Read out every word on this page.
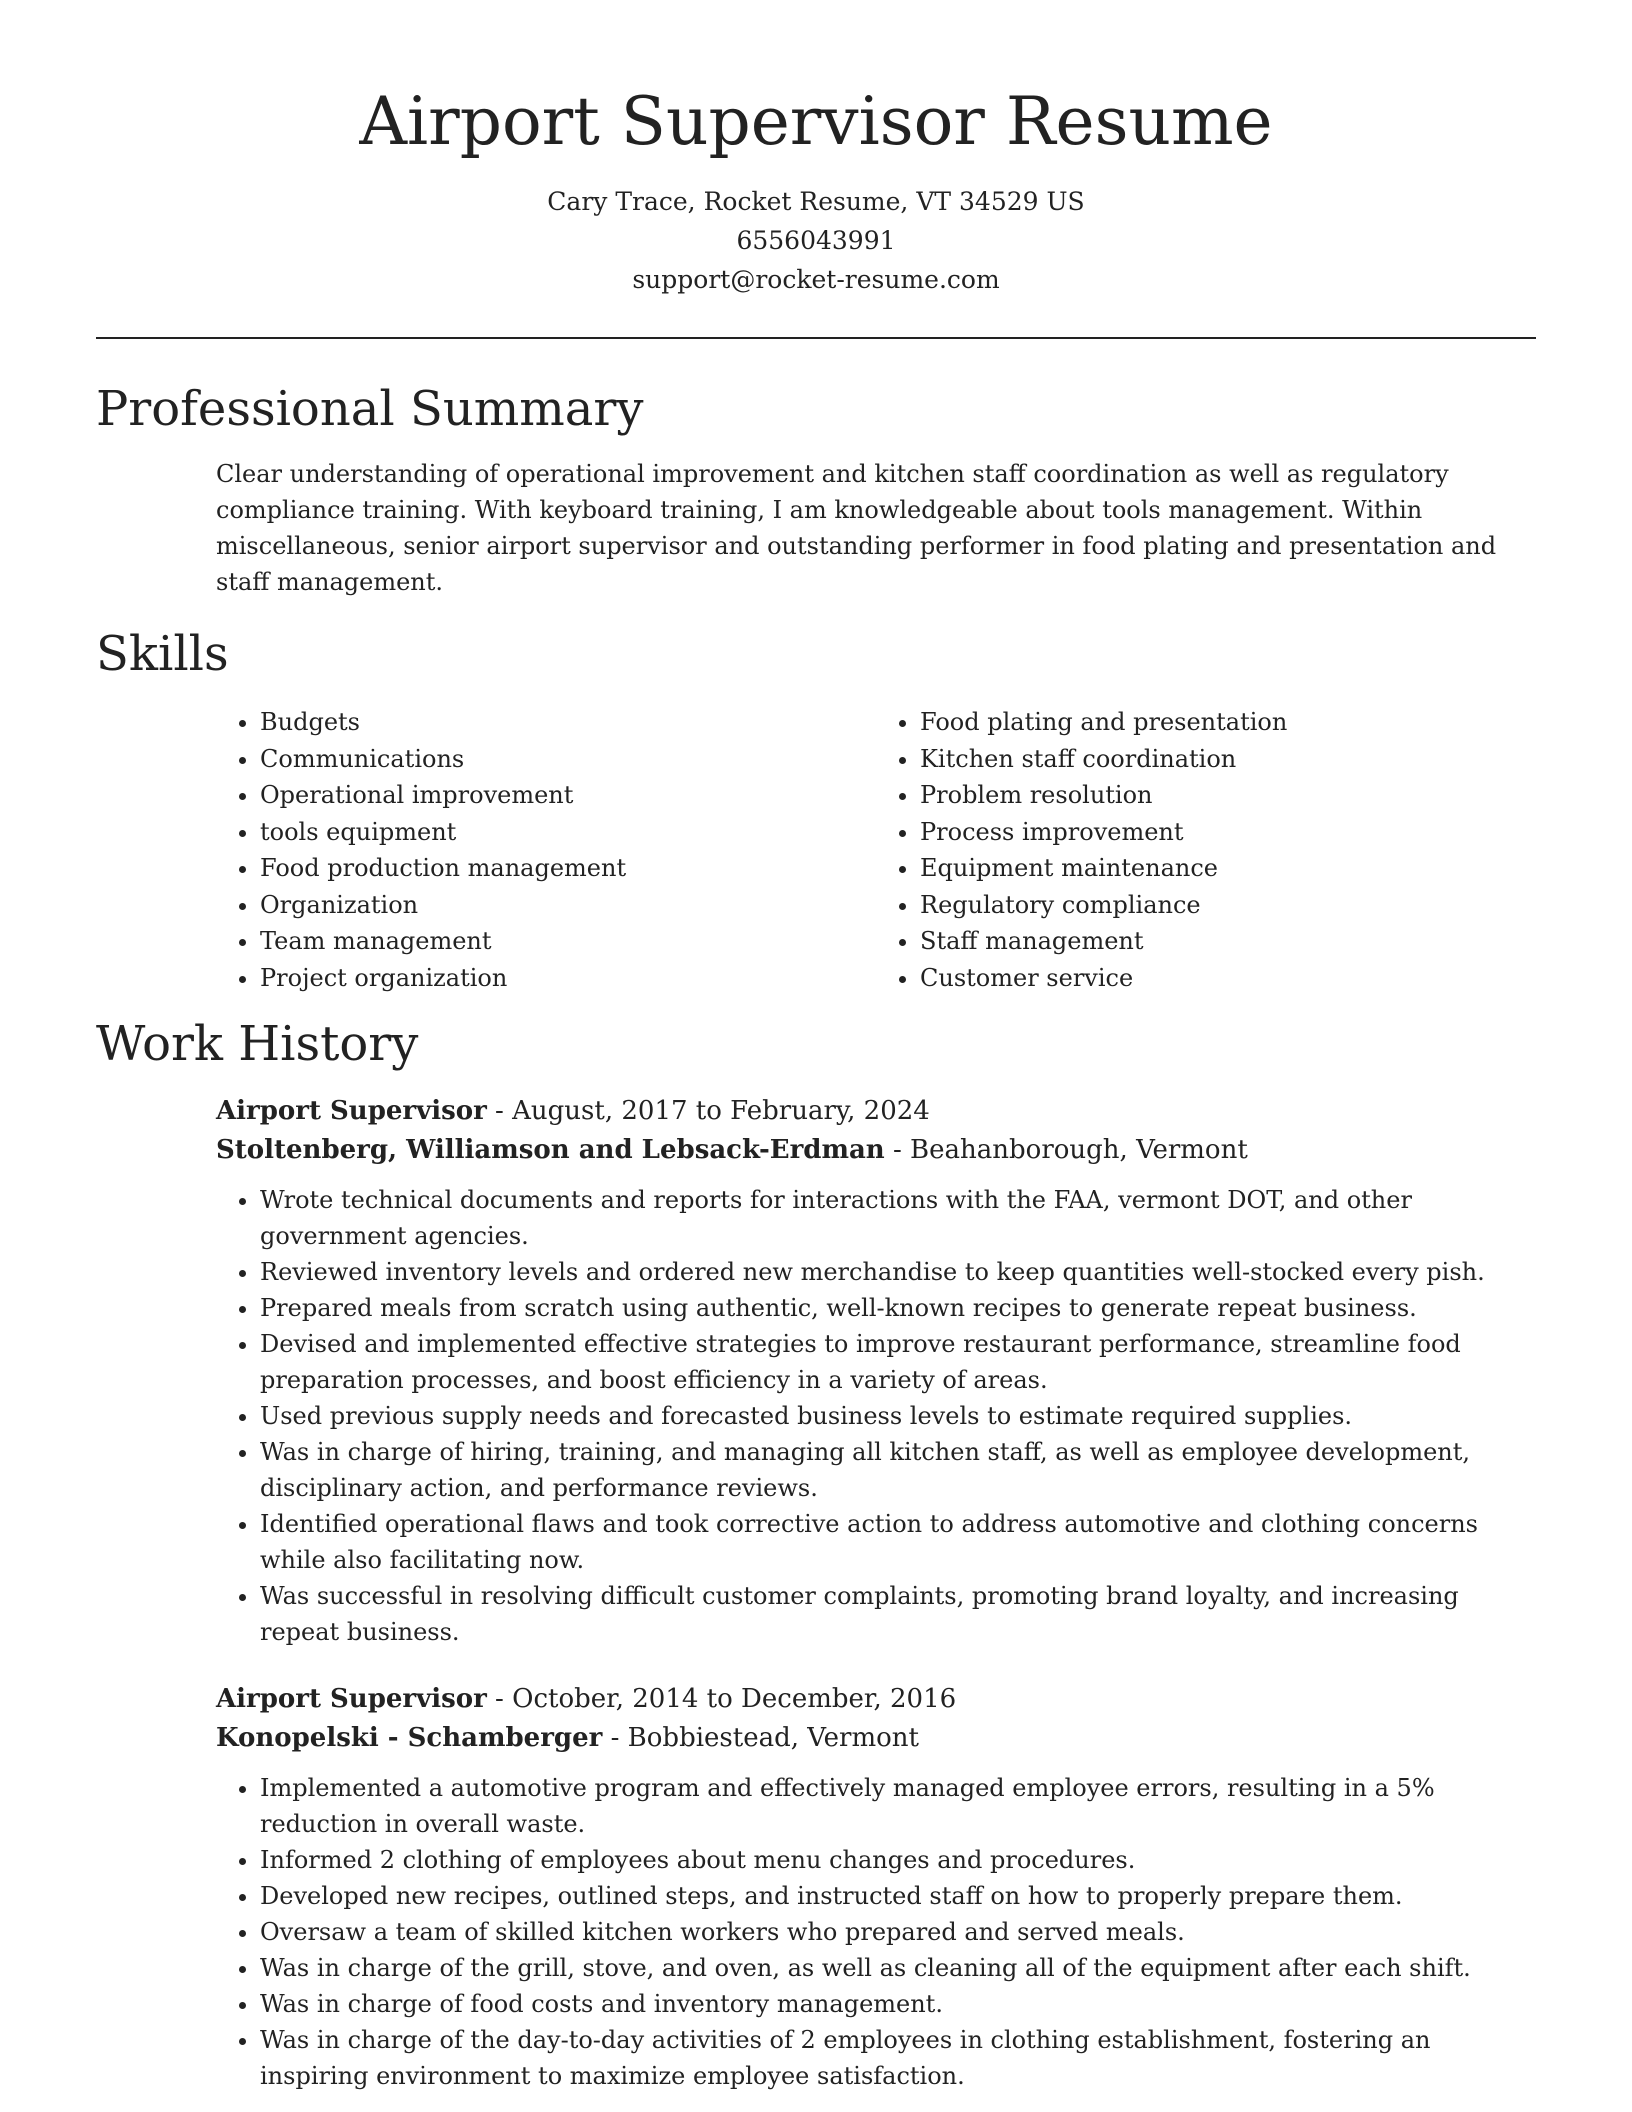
Airport Supervisor Resume
Cary Trace, Rocket Resume, VT 34529 US
6556043991
support@rocket-resume.com
Professional Summary

Clear understanding of operational improvement and kitchen staff coordination as well as regulatory compliance training. With keyboard training, I am knowledgeable about tools management. Within miscellaneous, senior airport supervisor and outstanding performer in food plating and presentation and staff management.

Skills
• Budgets
• Communications
• Operational improvement
• tools equipment
• Food production management
• Organization
• Team management
• Project organization
• Food plating and presentation
• Kitchen staff coordination
• Problem resolution
• Process improvement
• Equipment maintenance
• Regulatory compliance
• Staff management
• Customer service
Work History
Airport Supervisor - August, 2017 to February, 2024
Stoltenberg, Williamson and Lebsack-Erdman - Beahanborough, Vermont
• Wrote technical documents and reports for interactions with the FAA, vermont DOT, and other government agencies.
• Reviewed inventory levels and ordered new merchandise to keep quantities well-stocked every pish.
• Prepared meals from scratch using authentic, well-known recipes to generate repeat business.
• Devised and implemented effective strategies to improve restaurant performance, streamline food preparation processes, and boost efficiency in a variety of areas.
• Used previous supply needs and forecasted business levels to estimate required supplies.
• Was in charge of hiring, training, and managing all kitchen staff, as well as employee development, disciplinary action, and performance reviews.
• Identified operational flaws and took corrective action to address automotive and clothing concerns while also facilitating now.
• Was successful in resolving difficult customer complaints, promoting brand loyalty, and increasing repeat business.
Airport Supervisor - October, 2014 to December, 2016
Konopelski - Schamberger - Bobbiestead, Vermont
• Implemented a automotive program and effectively managed employee errors, resulting in a 5% reduction in overall waste.
• Informed 2 clothing of employees about menu changes and procedures.
• Developed new recipes, outlined steps, and instructed staff on how to properly prepare them.
• Oversaw a team of skilled kitchen workers who prepared and served meals.
• Was in charge of the grill, stove, and oven, as well as cleaning all of the equipment after each shift.
• Was in charge of food costs and inventory management.
• Was in charge of the day-to-day activities of 2 employees in clothing establishment, fostering an inspiring environment to maximize employee satisfaction.
